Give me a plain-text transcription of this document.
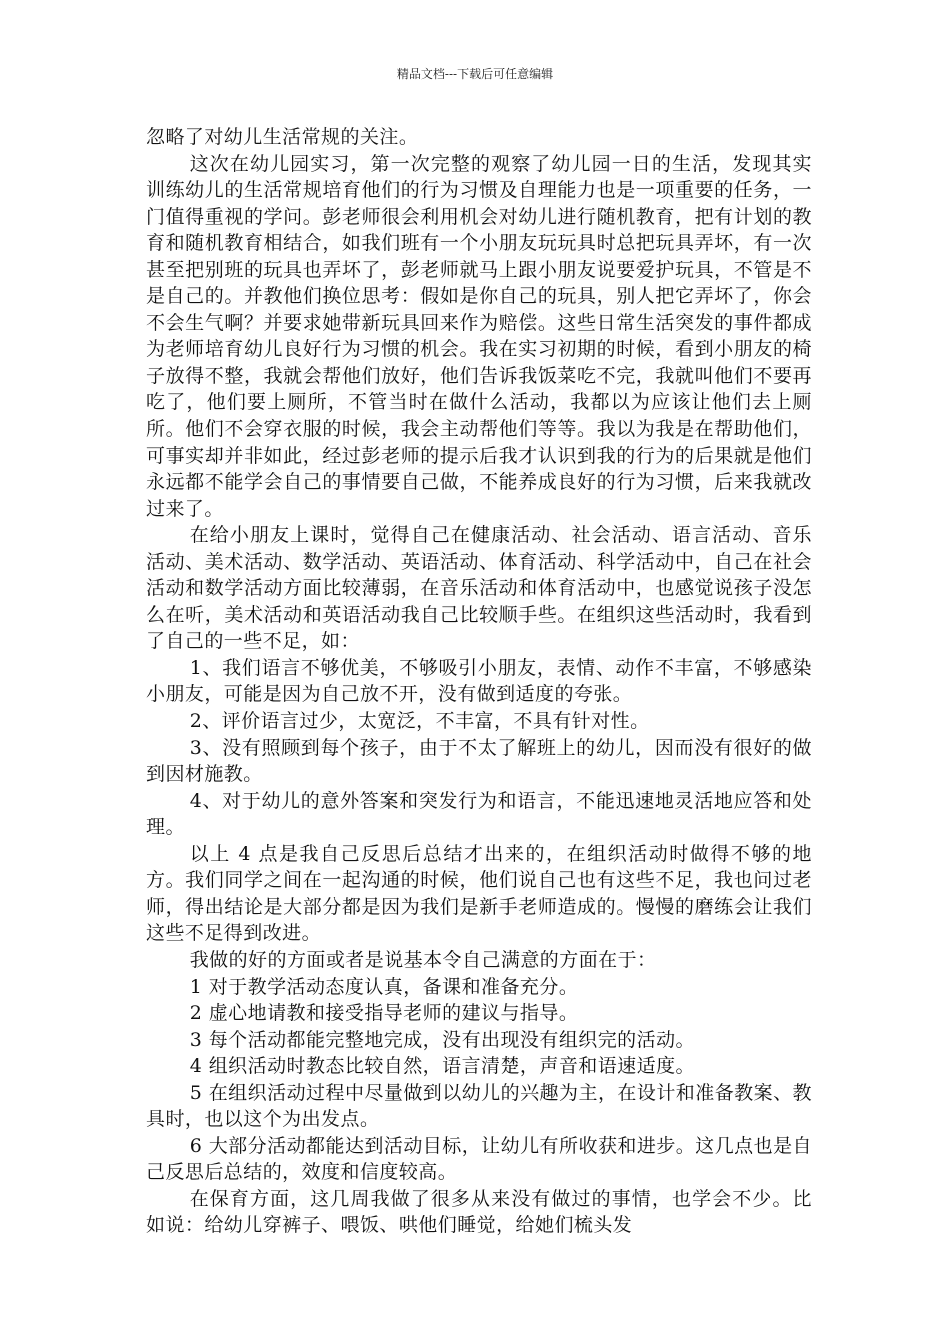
精品文档---下载后可任意编辑

忽略了对幼儿生活常规的关注。

这次在幼儿园实习，第一次完整的观察了幼儿园一日的生活，发现其实训练幼儿的生活常规培育他们的行为习惯及自理能力也是一项重要的任务，一门值得重视的学问。彭老师很会利用机会对幼儿进行随机教育，把有计划的教育和随机教育相结合，如我们班有一个小朋友玩玩具时总把玩具弄坏，有一次甚至把别班的玩具也弄坏了，彭老师就马上跟小朋友说要爱护玩具，不管是不是自己的。并教他们换位思考：假如是你自己的玩具，别人把它弄坏了，你会不会生气啊？并要求她带新玩具回来作为赔偿。这些日常生活突发的事件都成为老师培育幼儿良好行为习惯的机会。我在实习初期的时候，看到小朋友的椅子放得不整，我就会帮他们放好，他们告诉我饭菜吃不完，我就叫他们不要再吃了，他们要上厕所，不管当时在做什么活动，我都以为应该让他们去上厕所。他们不会穿衣服的时候，我会主动帮他们等等。我以为我是在帮助他们，可事实却并非如此，经过彭老师的提示后我才认识到我的行为的后果就是他们永远都不能学会自己的事情要自己做，不能养成良好的行为习惯，后来我就改过来了。

在给小朋友上课时，觉得自己在健康活动、社会活动、语言活动、音乐活动、美术活动、数学活动、英语活动、体育活动、科学活动中，自己在社会活动和数学活动方面比较薄弱，在音乐活动和体育活动中，也感觉说孩子没怎么在听，美术活动和英语活动我自己比较顺手些。在组织这些活动时，我看到了自己的一些不足，如：

1、我们语言不够优美，不够吸引小朋友，表情、动作不丰富，不够感染小朋友，可能是因为自己放不开，没有做到适度的夸张。

2、评价语言过少，太宽泛，不丰富，不具有针对性。

3、没有照顾到每个孩子，由于不太了解班上的幼儿，因而没有很好的做到因材施教。

4、对于幼儿的意外答案和突发行为和语言，不能迅速地灵活地应答和处理。

以上 4 点是我自己反思后总结才出来的，在组织活动时做得不够的地方。我们同学之间在一起沟通的时候，他们说自己也有这些不足，我也问过老师，得出结论是大部分都是因为我们是新手老师造成的。慢慢的磨练会让我们这些不足得到改进。

我做的好的方面或者是说基本令自己满意的方面在于：

1 对于教学活动态度认真，备课和准备充分。

2 虚心地请教和接受指导老师的建议与指导。

3 每个活动都能完整地完成，没有出现没有组织完的活动。

4 组织活动时教态比较自然，语言清楚，声音和语速适度。

5 在组织活动过程中尽量做到以幼儿的兴趣为主，在设计和准备教案、教具时，也以这个为出发点。

6 大部分活动都能达到活动目标，让幼儿有所收获和进步。这几点也是自己反思后总结的，效度和信度较高。

在保育方面，这几周我做了很多从来没有做过的事情，也学会不少。比如说：给幼儿穿裤子、喂饭、哄他们睡觉，给她们梳头发
